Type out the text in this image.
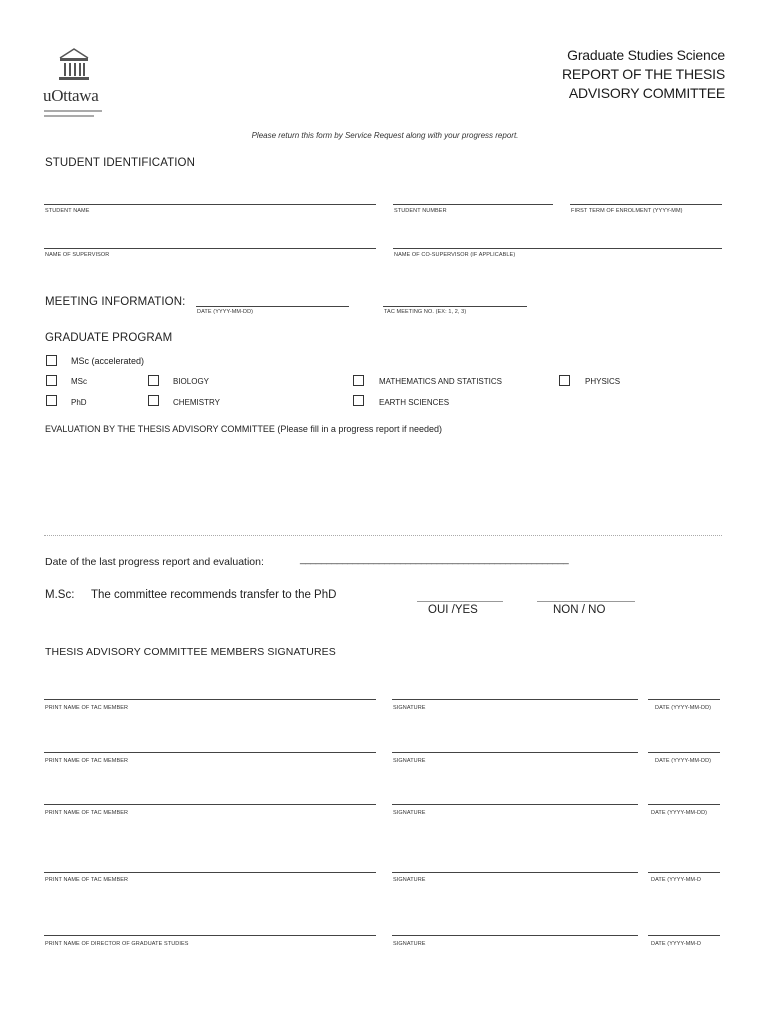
uOttawa
Graduate Studies Science
REPORT OF THE THESIS
ADVISORY COMMITTEE
Please return this form by Service Request along with your progress report.
STUDENT IDENTIFICATION
STUDENT NAME	STUDENT NUMBER	FIRST TERM OF ENROLMENT (YYYY-MM)
NAME OF SUPERVISOR	NAME OF CO-SUPERVISOR (IF APPLICABLE)
MEETING INFORMATION:
DATE (YYYY-MM-DD)	TAC MEETING NO. (EX: 1, 2, 3)
GRADUATE PROGRAM
MSc (accelerated)
MSc	BIOLOGY	MATHEMATICS AND STATISTICS	PHYSICS
PhD	CHEMISTRY	EARTH SCIENCES
EVALUATION BY THE THESIS ADVISORY COMMITTEE (Please fill in a progress report if needed)
Date of the last progress report and evaluation:	___________________________________________________
M.Sc: The committee recommends transfer to the PhD
OUI /YES	NON / NO
THESIS ADVISORY COMMITTEE MEMBERS SIGNATURES
PRINT NAME OF TAC MEMBER	SIGNATURE	DATE (YYYY-MM-DD)
PRINT NAME OF TAC MEMBER	SIGNATURE	DATE (YYYY-MM-DD)
PRINT NAME OF TAC MEMBER	SIGNATURE	DATE (YYYY-MM-DD)
PRINT NAME OF TAC MEMBER	SIGNATURE	DATE (YYYY-MM-D
PRINT NAME OF DIRECTOR OF GRADUATE STUDIES	SIGNATURE	DATE (YYYY-MM-D
